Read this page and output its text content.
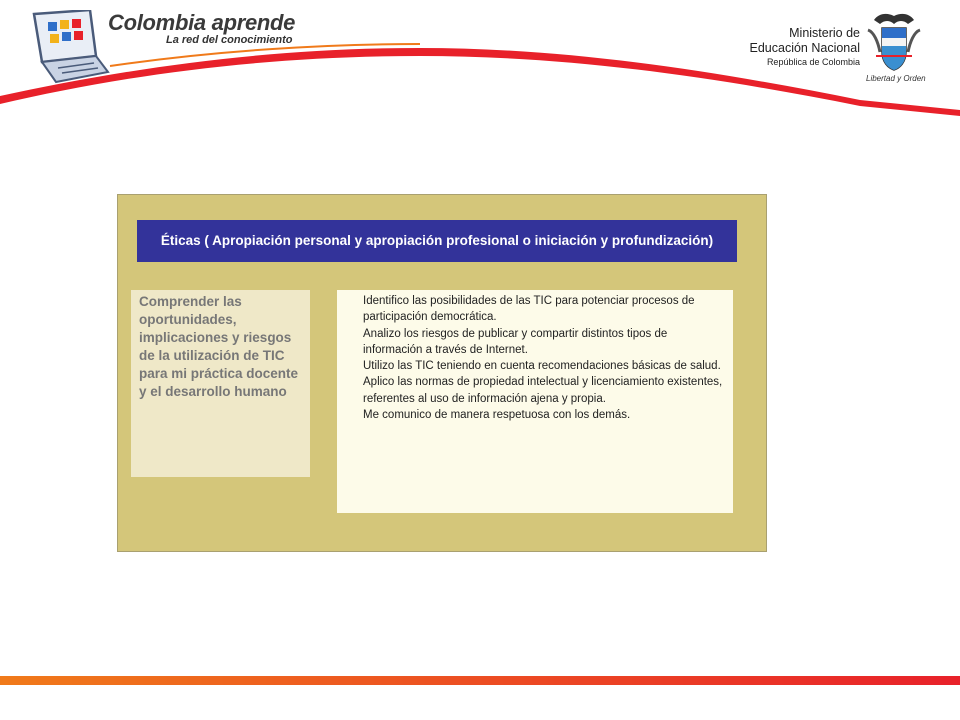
Colombia aprende
La red del conocimiento	Ministerio de
Educación Nacional
República de Colombia
Libertad y Orden
Éticas ( Apropiación personal y apropiación profesional o iniciación y profundización)
Comprender las oportunidades, implicaciones y riesgos de la utilización de TIC para mi práctica docente y el desarrollo humano

Identifico las posibilidades de las TIC para potenciar procesos de participación democrática.

Analizo los riesgos de publicar y compartir distintos tipos de información a través de Internet.

Utilizo las TIC teniendo en cuenta recomendaciones básicas de salud.

Aplico las normas de propiedad intelectual y licenciamiento existentes, referentes al uso de información ajena y propia.

Me comunico de manera respetuosa con los demás.
